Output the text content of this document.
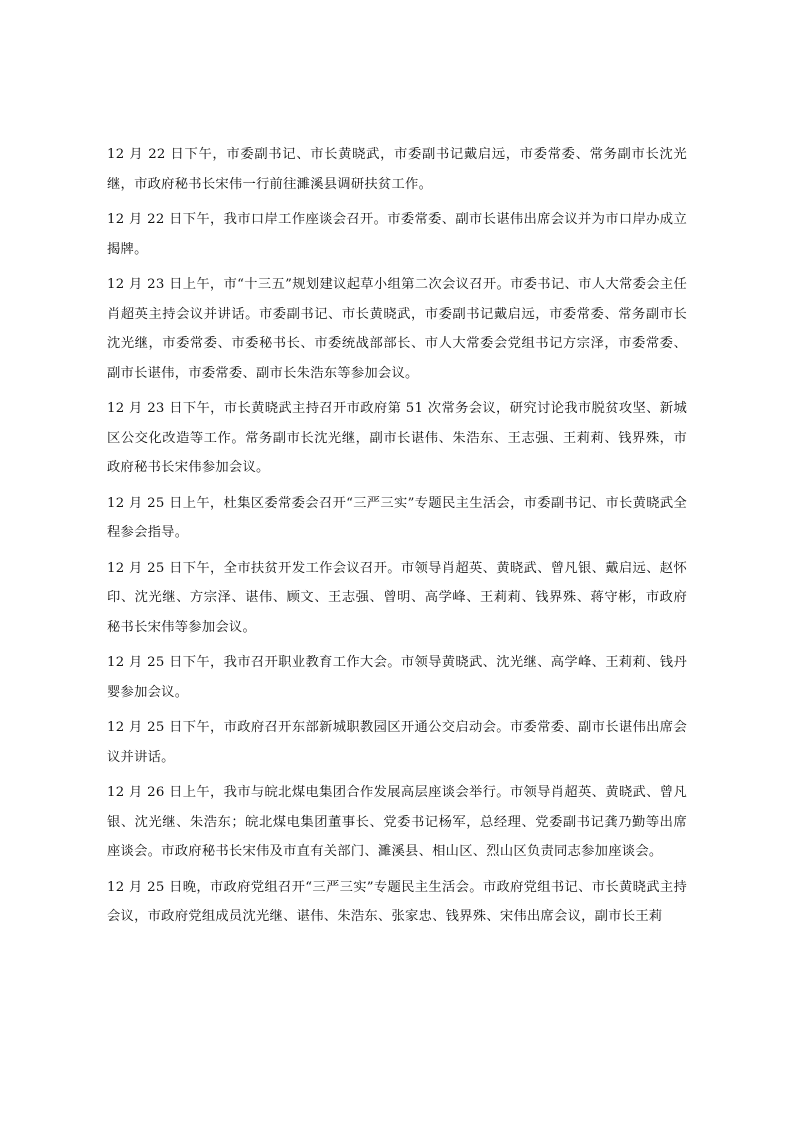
12 月 22 日下午，市委副书记、市长黄晓武，市委副书记戴启远，市委常委、常务副市长沈光继，市政府秘书长宋伟一行前往濉溪县调研扶贫工作。

12 月 22 日下午，我市口岸工作座谈会召开。市委常委、副市长谌伟出席会议并为市口岸办成立揭牌。

12 月 23 日上午，市“十三五”规划建议起草小组第二次会议召开。市委书记、市人大常委会主任肖超英主持会议并讲话。市委副书记、市长黄晓武，市委副书记戴启远，市委常委、常务副市长沈光继，市委常委、市委秘书长、市委统战部部长、市人大常委会党组书记方宗泽，市委常委、副市长谌伟，市委常委、副市长朱浩东等参加会议。

12 月 23 日下午，市长黄晓武主持召开市政府第 51 次常务会议，研究讨论我市脱贫攻坚、新城区公交化改造等工作。常务副市长沈光继，副市长谌伟、朱浩东、王志强、王莉莉、钱界殊，市政府秘书长宋伟参加会议。

12 月 25 日上午，杜集区委常委会召开“三严三实”专题民主生活会，市委副书记、市长黄晓武全程参会指导。

12 月 25 日下午，全市扶贫开发工作会议召开。市领导肖超英、黄晓武、曾凡银、戴启远、赵怀印、沈光继、方宗泽、谌伟、顾文、王志强、曾明、高学峰、王莉莉、钱界殊、蒋守彬，市政府秘书长宋伟等参加会议。

12 月 25 日下午，我市召开职业教育工作大会。市领导黄晓武、沈光继、高学峰、王莉莉、钱丹婴参加会议。

12 月 25 日下午，市政府召开东部新城职教园区开通公交启动会。市委常委、副市长谌伟出席会议并讲话。

12 月 26 日上午，我市与皖北煤电集团合作发展高层座谈会举行。市领导肖超英、黄晓武、曾凡银、沈光继、朱浩东；皖北煤电集团董事长、党委书记杨军，总经理、党委副书记龚乃勤等出席座谈会。市政府秘书长宋伟及市直有关部门、濉溪县、相山区、烈山区负责同志参加座谈会。

12 月 25 日晚，市政府党组召开“三严三实”专题民主生活会。市政府党组书记、市长黄晓武主持会议，市政府党组成员沈光继、谌伟、朱浩东、张家忠、钱界殊、宋伟出席会议，副市长王莉
